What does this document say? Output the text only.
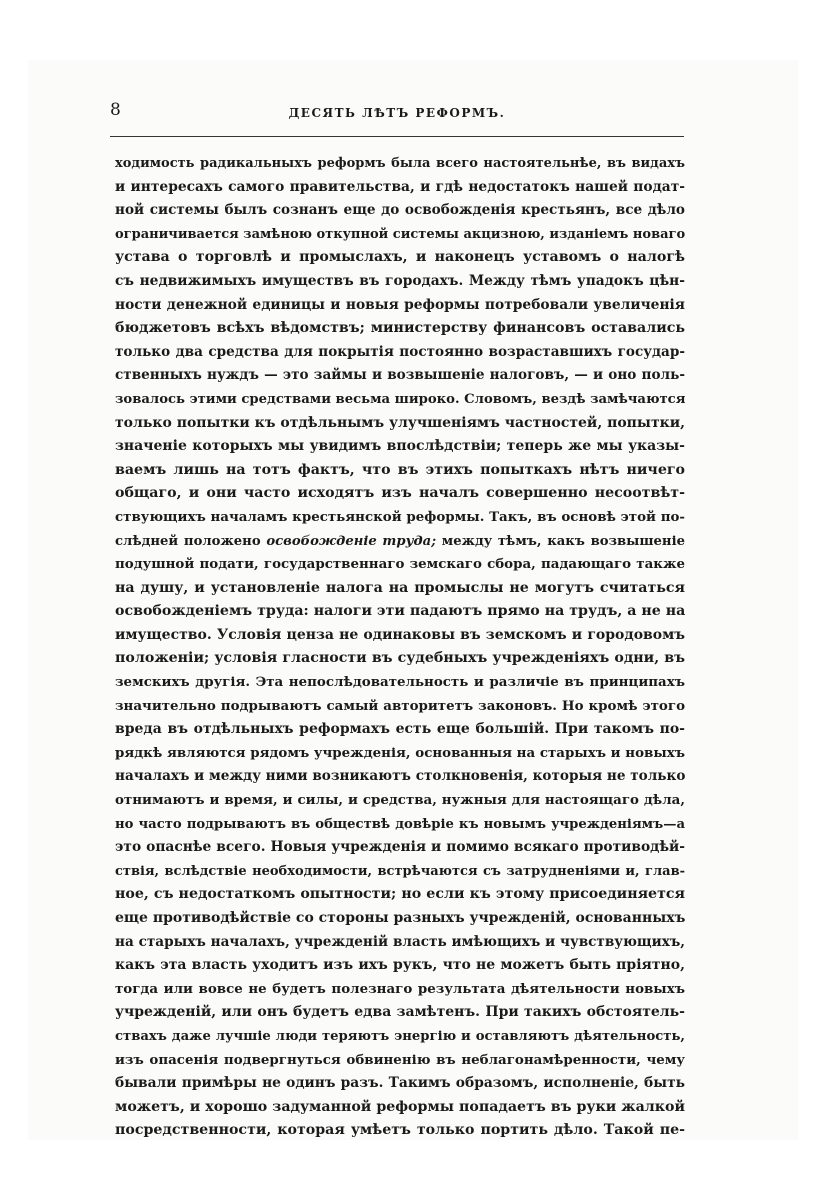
8	ДЕСЯТЬ ЛѢТЪ РЕФОРМЪ.
ходимость радикальныхъ реформъ была всего настоятельнѣе, въ видахъ
и интересахъ самого правительства, и гдѣ недостатокъ нашей подат-
ной системы былъ сознанъ еще до освобожденія крестьянъ, все дѣло
ограничивается замѣною откупной системы акцизною, изданіемъ новаго
устава о торговлѣ и промыслахъ, и наконецъ уставомъ о налогѣ
съ недвижимыхъ имуществъ въ городахъ. Между тѣмъ упадокъ цѣн-
ности денежной единицы и новыя реформы потребовали увеличенія
бюджетовъ всѣхъ вѣдомствъ; министерству финансовъ оставались
только два средства для покрытія постоянно возраставшихъ государ-
ственныхъ нуждъ — это займы и возвышеніе налоговъ, — и оно поль-
зовалось этими средствами весьма широко. Словомъ, вездѣ замѣчаются
только попытки къ отдѣльнымъ улучшеніямъ частностей, попытки,
значеніе которыхъ мы увидимъ впослѣдствіи; теперь же мы указы-
ваемъ лишь на тотъ фактъ, что въ этихъ попыткахъ нѣтъ ничего
общаго, и они часто исходятъ изъ началъ совершенно несоотвѣт-
ствующихъ началамъ крестьянской реформы. Такъ, въ основѣ этой по-
слѣдней положено освобожденіе труда; между тѣмъ, какъ возвышеніе
подушной подати, государственнаго земскаго сбора, падающаго также
на душу, и установленіе налога на промыслы не могутъ считаться
освобожденіемъ труда: налоги эти падаютъ прямо на трудъ, а не на
имущество. Условія ценза не одинаковы въ земскомъ и городовомъ
положеніи; условія гласности въ судебныхъ учрежденіяхъ одни, въ
земскихъ другія. Эта непослѣдовательность и различіе въ принципахъ
значительно подрываютъ самый авторитетъ законовъ. Но кромѣ этого
вреда въ отдѣльныхъ реформахъ есть еще большій. При такомъ по-
рядкѣ являются рядомъ учрежденія, основанныя на старыхъ и новыхъ
началахъ и между ними возникаютъ столкновенія, которыя не только
отнимаютъ и время, и силы, и средства, нужныя для настоящаго дѣла,
но часто подрываютъ въ обществѣ довѣріе къ новымъ учрежденіямъ—а
это опаснѣе всего. Новыя учрежденія и помимо всякаго противодѣй-
ствія, вслѣдствіе необходимости, встрѣчаются съ затрудненіями и, глав-
ное, съ недостаткомъ опытности; но если къ этому присоединяется
еще противодѣйствіе со стороны разныхъ учрежденій, основанныхъ
на старыхъ началахъ, учрежденій власть имѣющихъ и чувствующихъ,
какъ эта власть уходитъ изъ ихъ рукъ, что не можетъ быть пріятно,
тогда или вовсе не будетъ полезнаго результата дѣятельности новыхъ
учрежденій, или онъ будетъ едва замѣтенъ. При такихъ обстоятель-
ствахъ даже лучшіе люди теряютъ энергію и оставляютъ дѣятельность,
изъ опасенія подвергнуться обвиненію въ неблагонамѣренности, чему
бывали примѣры не одинъ разъ. Такимъ образомъ, исполненіе, быть
можетъ, и хорошо задуманной реформы попадаетъ въ руки жалкой
посредственности, которая умѣетъ только портить дѣло. Такой пе-
